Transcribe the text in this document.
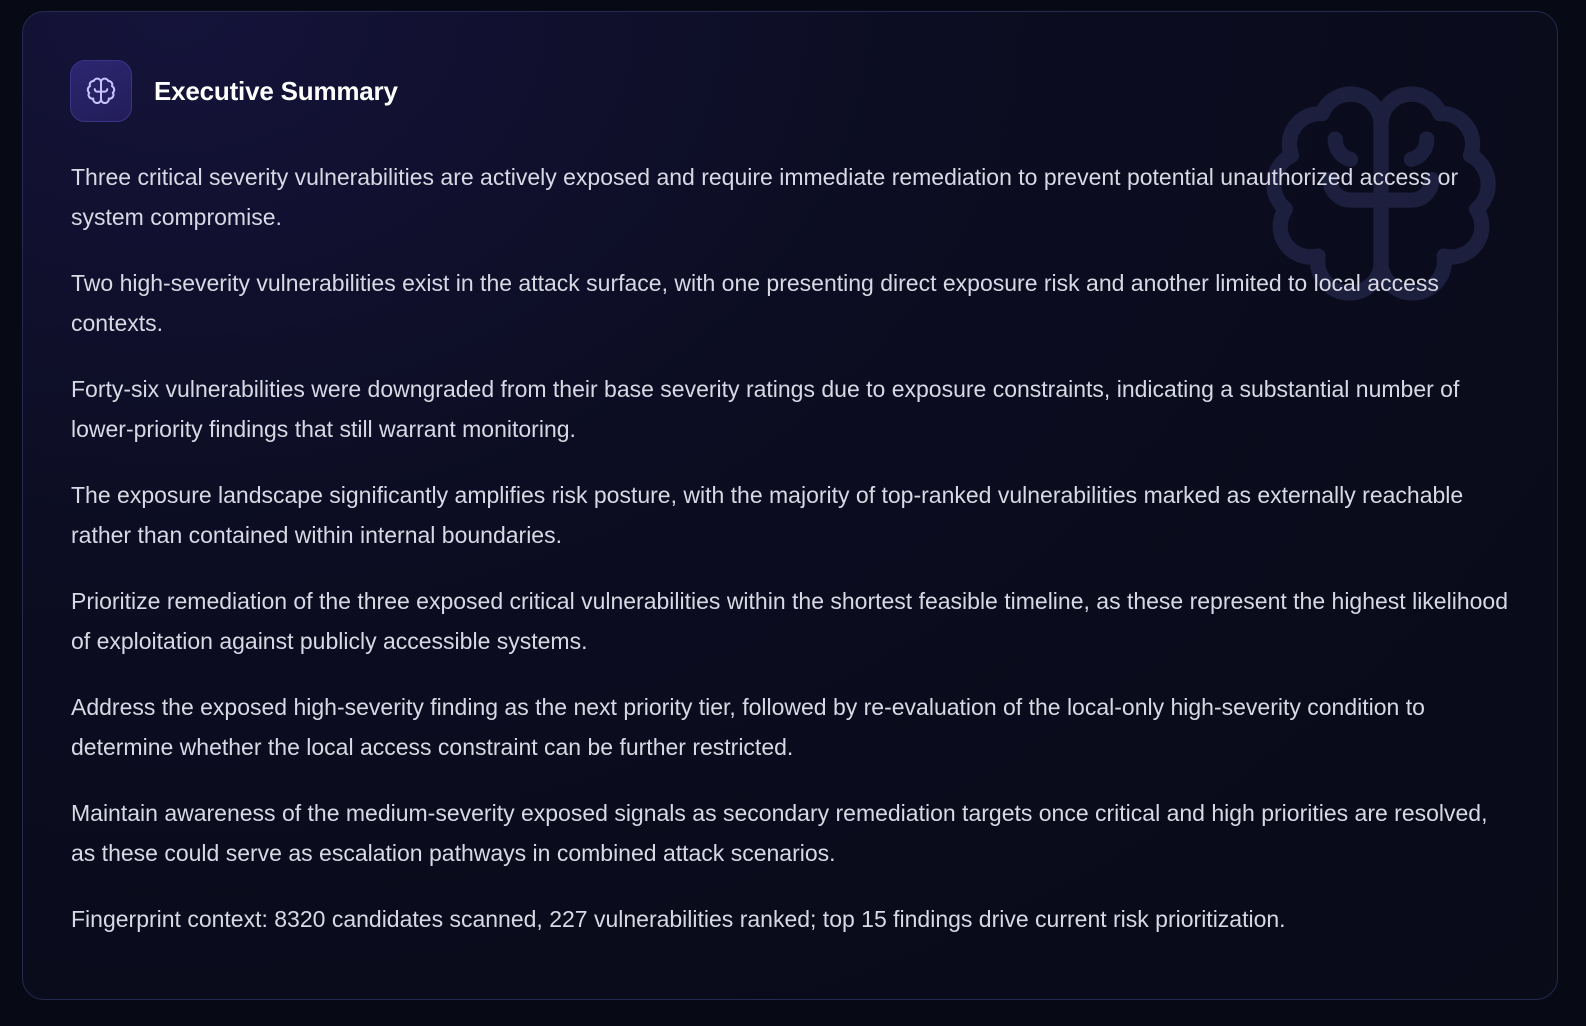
Executive Summary

Three critical severity vulnerabilities are actively exposed and require immediate remediation to prevent potential unauthorized access or system compromise.

Two high-severity vulnerabilities exist in the attack surface, with one presenting direct exposure risk and another limited to local access contexts.

Forty-six vulnerabilities were downgraded from their base severity ratings due to exposure constraints, indicating a substantial number of lower-priority findings that still warrant monitoring.

The exposure landscape significantly amplifies risk posture, with the majority of top-ranked vulnerabilities marked as externally reachable rather than contained within internal boundaries.

Prioritize remediation of the three exposed critical vulnerabilities within the shortest feasible timeline, as these represent the highest likelihood of exploitation against publicly accessible systems.

Address the exposed high-severity finding as the next priority tier, followed by re-evaluation of the local-only high-severity condition to determine whether the local access constraint can be further restricted.

Maintain awareness of the medium-severity exposed signals as secondary remediation targets once critical and high priorities are resolved, as these could serve as escalation pathways in combined attack scenarios.

Fingerprint context: 8320 candidates scanned, 227 vulnerabilities ranked; top 15 findings drive current risk prioritization.
